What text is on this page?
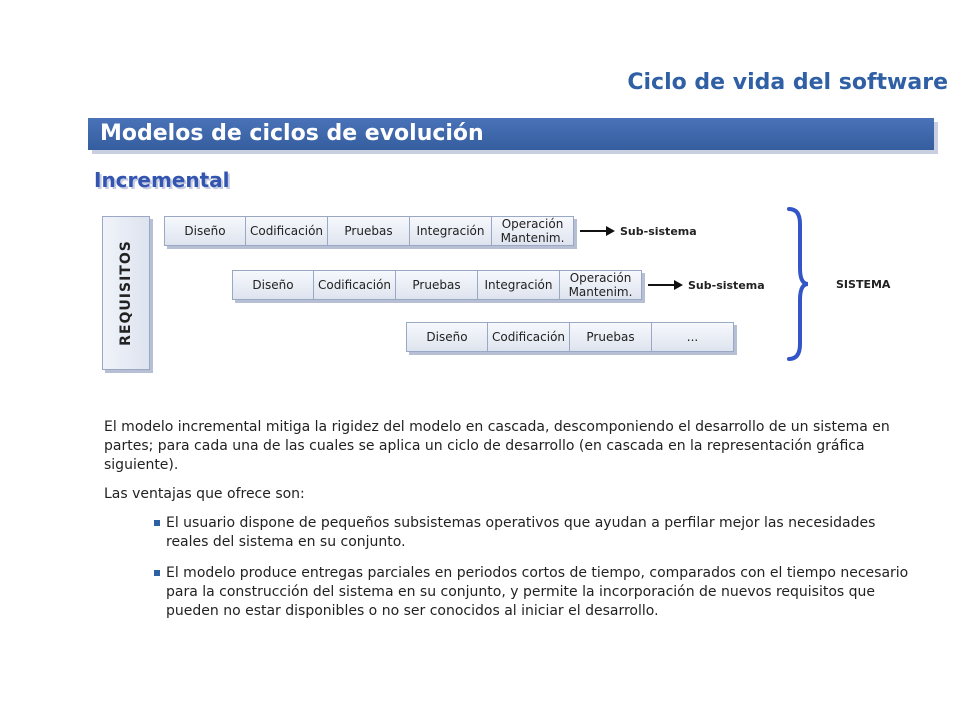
Ciclo de vida del software
Modelos de ciclos de evolución
Incremental
REQUISITOS
Diseño	Codificación	Pruebas	Integración	Operación Mantenim.	Sub-sistema
Diseño	Codificación	Pruebas	Integración	Operación Mantenim.	Sub-sistema
Diseño	Codificación	Pruebas	...
SISTEMA

El modelo incremental mitiga la rigidez del modelo en cascada, descomponiendo el desarrollo de un sistema en partes; para cada una de las cuales se aplica un ciclo de desarrollo (en cascada en la representación gráfica siguiente).

Las ventajas que ofrece son:

El usuario dispone de pequeños subsistemas operativos que ayudan a perfilar mejor las necesidades reales del sistema en su conjunto.
El modelo produce entregas parciales en periodos cortos de tiempo, comparados con el tiempo necesario para la construcción del sistema en su conjunto, y permite la incorporación de nuevos requisitos que pueden no estar disponibles o no ser conocidos al iniciar el desarrollo.
